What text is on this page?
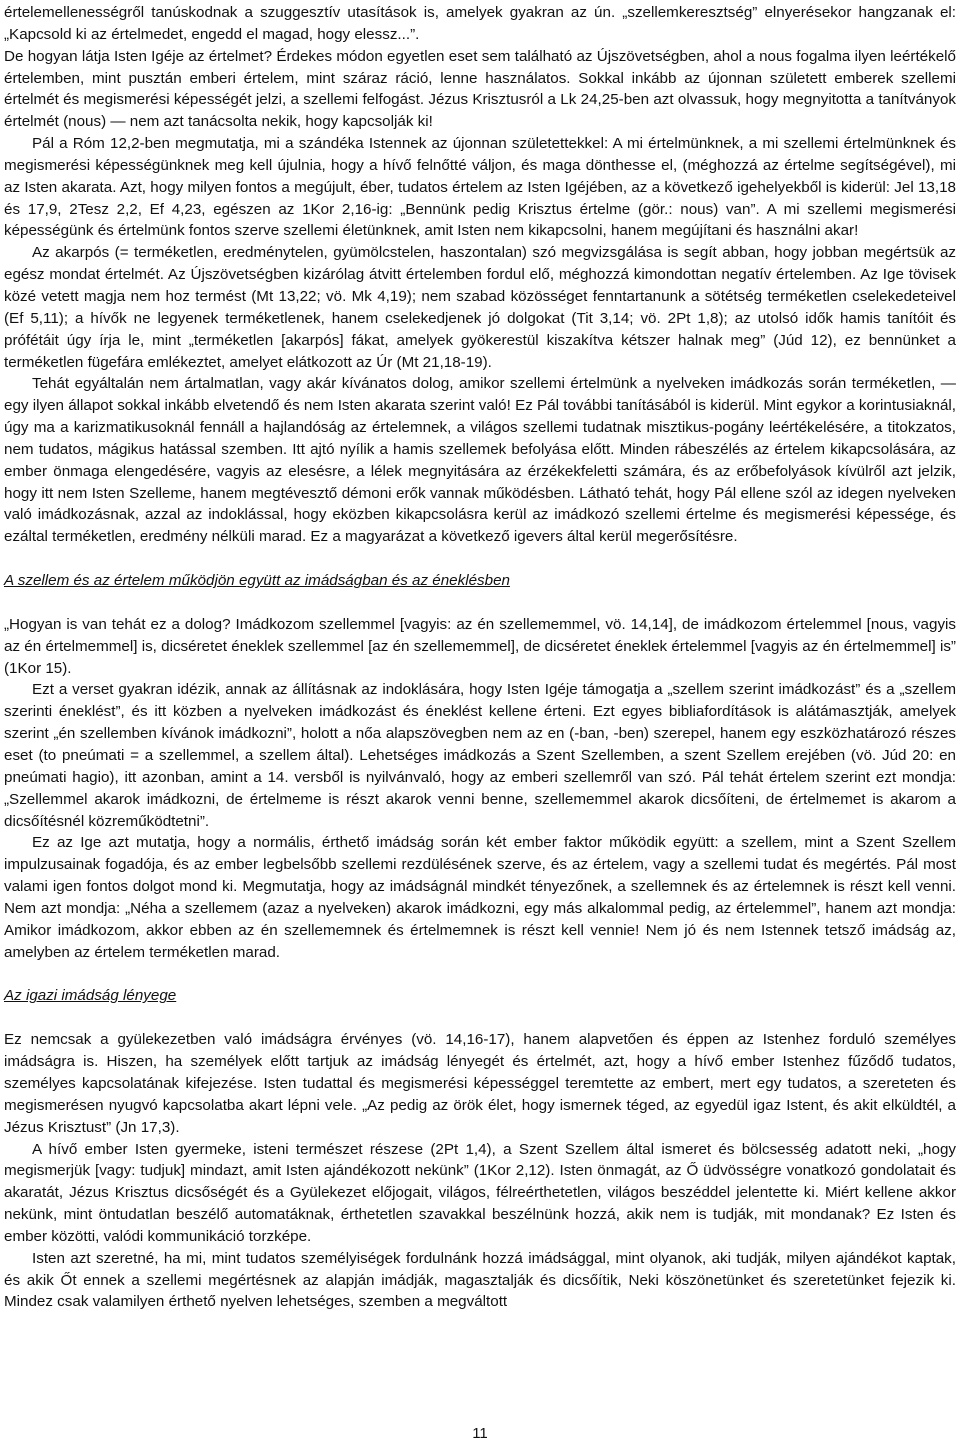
értelemellenességről tanúskodnak a szuggesztív utasítások is, amelyek gyakran az ún. „szellemkeresztség” elnyerésekor hangzanak el: „Kapcsold ki az értelmedet, engedd el magad, hogy elessz...”.

De hogyan látja Isten Igéje az értelmet? Érdekes módon egyetlen eset sem található az Újszövetségben, ahol a nous fogalma ilyen leértékelő értelemben, mint pusztán emberi értelem, mint száraz ráció, lenne használatos. Sokkal inkább az újonnan született emberek szellemi értelmét és megismerési képességét jelzi, a szellemi felfogást. Jézus Krisztusról a Lk 24,25-ben azt olvassuk, hogy megnyitotta a tanítványok értelmét (nous) — nem azt tanácsolta nekik, hogy kapcsolják ki!

Pál a Róm 12,2-ben megmutatja, mi a szándéka Istennek az újonnan születettekkel: A mi értelmünknek, a mi szellemi értelmünknek és megismerési képességünknek meg kell újulnia, hogy a hívő felnőtté váljon, és maga dönthesse el, (méghozzá az értelme segítségével), mi az Isten akarata. Azt, hogy milyen fontos a megújult, éber, tudatos értelem az Isten Igéjében, az a következő igehelyekből is kiderül: Jel 13,18 és 17,9, 2Tesz 2,2, Ef 4,23, egészen az 1Kor 2,16-ig: „Bennünk pedig Krisztus értelme (gör.: nous) van”. A mi szellemi megismerési képességünk és értelmünk fontos szerve szellemi életünknek, amit Isten nem kikapcsolni, hanem megújítani és használni akar!

Az akarpós (= terméketlen, eredménytelen, gyümölcstelen, haszontalan) szó megvizsgálása is segít abban, hogy jobban megértsük az egész mondat értelmét. Az Újszövetségben kizárólag átvitt értelemben fordul elő, méghozzá kimondottan negatív értelemben. Az Ige tövisek közé vetett magja nem hoz termést (Mt 13,22; vö. Mk 4,19); nem szabad közösséget fenntartanunk a sötétség terméketlen cselekedeteivel (Ef 5,11); a hívők ne legyenek terméketlenek, hanem cselekedjenek jó dolgokat (Tit 3,14; vö. 2Pt 1,8); az utolsó idők hamis tanítóit és prófétáit úgy írja le, mint „terméketlen [akarpós] fákat, amelyek gyökerestül kiszakítva kétszer halnak meg” (Júd 12), ez bennünket a terméketlen fügefára emlékeztet, amelyet elátkozott az Úr (Mt 21,18-19).

Tehát egyáltalán nem ártalmatlan, vagy akár kívánatos dolog, amikor szellemi értelmünk a nyelveken imádkozás során terméketlen, — egy ilyen állapot sokkal inkább elvetendő és nem Isten akarata szerint való! Ez Pál további tanításából is kiderül. Mint egykor a korintusiaknál, úgy ma a karizmatikusoknál fennáll a hajlandóság az értelemnek, a világos szellemi tudatnak misztikus-pogány leértékelésére, a titokzatos, nem tudatos, mágikus hatással szemben. Itt ajtó nyílik a hamis szellemek befolyása előtt. Minden rábeszélés az értelem kikapcsolására, az ember önmaga elengedésére, vagyis az elesésre, a lélek megnyitására az érzékekfeletti számára, és az erőbefolyások kívülről azt jelzik, hogy itt nem Isten Szelleme, hanem megtévesztő démoni erők vannak működésben. Látható tehát, hogy Pál ellene szól az idegen nyelveken való imádkozásnak, azzal az indoklással, hogy eközben kikapcsolásra kerül az imádkozó szellemi értelme és megismerési képessége, és ezáltal terméketlen, eredmény nélküli marad. Ez a magyarázat a következő igevers által kerül megerősítésre.

A szellem és az értelem működjön együtt az imádságban és az éneklésben

„Hogyan is van tehát ez a dolog? Imádkozom szellemmel [vagyis: az én szellememmel, vö. 14,14], de imádkozom értelemmel [nous, vagyis az én értelmemmel] is, dicséretet éneklek szellemmel [az én szellememmel], de dicséretet éneklek értelemmel [vagyis az én értelmemmel] is” (1Kor 15).

Ezt a verset gyakran idézik, annak az állításnak az indoklására, hogy Isten Igéje támogatja a „szellem szerint imádkozást” és a „szellem szerinti éneklést”, és itt közben a nyelveken imádkozást és éneklést kellene érteni. Ezt egyes bibliafordítások is alátámasztják, amelyek szerint „én szellemben kívánok imádkozni”, holott a nőa alapszövegben nem az en (-ban, -ben) szerepel, hanem egy eszközhatározó részes eset (to pneúmati = a szellemmel, a szellem által). Lehetséges imádkozás a Szent Szellemben, a szent Szellem erejében (vö. Júd 20: en pneúmati hagio), itt azonban, amint a 14. versből is nyilvánvaló, hogy az emberi szellemről van szó. Pál tehát értelem szerint ezt mondja: „Szellemmel akarok imádkozni, de értelmeme is részt akarok venni benne, szellememmel akarok dicsőíteni, de értelmemet is akarom a dicsőítésnél közreműködtetni”.

Ez az Ige azt mutatja, hogy a normális, érthető imádság során két ember faktor működik együtt: a szellem, mint a Szent Szellem impulzusainak fogadója, és az ember legbelsőbb szellemi rezdülésének szerve, és az értelem, vagy a szellemi tudat és megértés. Pál most valami igen fontos dolgot mond ki. Megmutatja, hogy az imádságnál mindkét tényezőnek, a szellemnek és az értelemnek is részt kell venni. Nem azt mondja: „Néha a szellemem (azaz a nyelveken) akarok imádkozni, egy más alkalommal pedig, az értelemmel”, hanem azt mondja: Amikor imádkozom, akkor ebben az én szellememnek és értelmemnek is részt kell vennie! Nem jó és nem Istennek tetsző imádság az, amelyben az értelem terméketlen marad.

Az igazi imádság lényege

Ez nemcsak a gyülekezetben való imádságra érvényes (vö. 14,16-17), hanem alapvetően és éppen az Istenhez forduló személyes imádságra is. Hiszen, ha személyek előtt tartjuk az imádság lényegét és értelmét, azt, hogy a hívő ember Istenhez fűződő tudatos, személyes kapcsolatának kifejezése. Isten tudattal és megismerési képességgel teremtette az embert, mert egy tudatos, a szereteten és megismerésen nyugvó kapcsolatba akart lépni vele. „Az pedig az örök élet, hogy ismernek téged, az egyedül igaz Istent, és akit elküldtél, a Jézus Krisztust” (Jn 17,3).

A hívő ember Isten gyermeke, isteni természet részese (2Pt 1,4), a Szent Szellem által ismeret és bölcsesség adatott neki, „hogy megismerjük [vagy: tudjuk] mindazt, amit Isten ajándékozott nekünk” (1Kor 2,12). Isten önmagát, az Ő üdvösségre vonatkozó gondolatait és akaratát, Jézus Krisztus dicsőségét és a Gyülekezet előjogait, világos, félreérthetetlen, világos beszéddel jelentette ki. Miért kellene akkor nekünk, mint öntudatlan beszélő automatáknak, érthetetlen szavakkal beszélnünk hozzá, akik nem is tudják, mit mondanak? Ez Isten és ember közötti, valódi kommunikáció torzképe.

Isten azt szeretné, ha mi, mint tudatos személyiségek fordulnánk hozzá imádsággal, mint olyanok, aki tudják, milyen ajándékot kaptak, és akik Őt ennek a szellemi megértésnek az alapján imádják, magasztalják és dicsőítik, Neki köszönetünket és szeretetünket fejezik ki. Mindez csak valamilyen érthető nyelven lehetséges, szemben a megváltott

11
